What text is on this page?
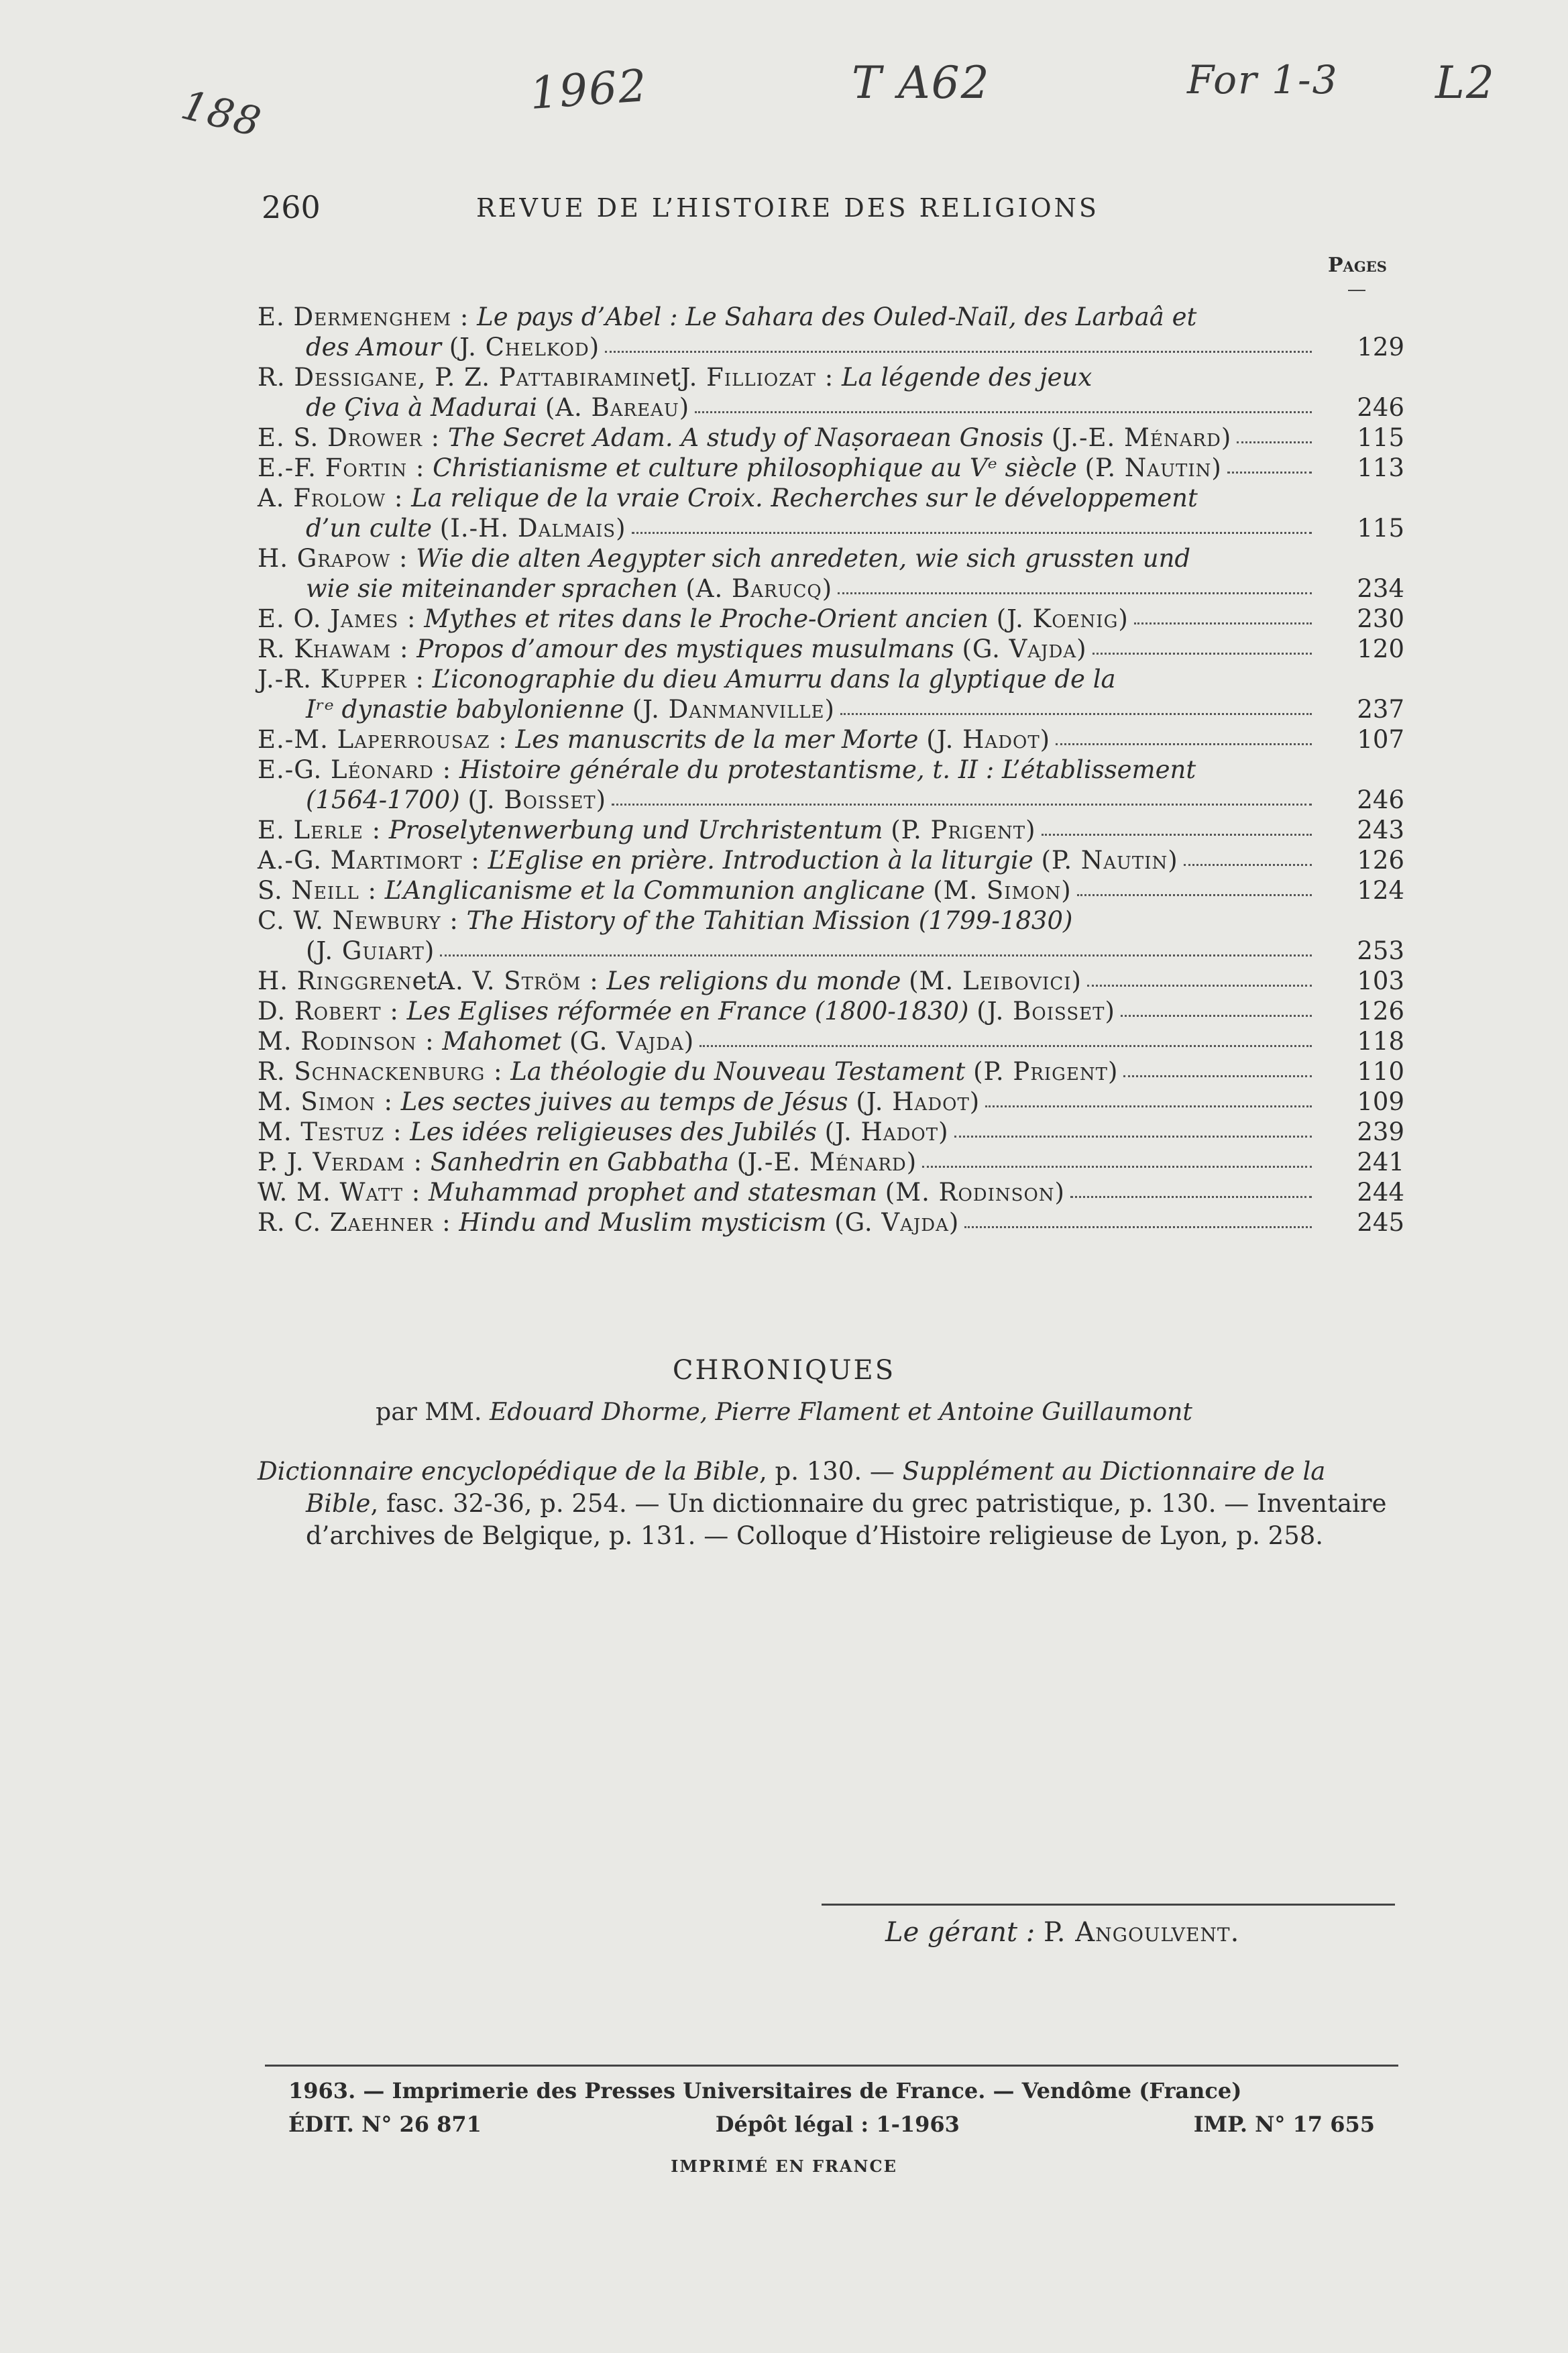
188	1962	T A62	For 1-3 L2
260	REVUE DE L’HISTOIRE DES RELIGIONS
Pages
E. Dermenghem :
Le pays d’Abel : Le Sahara des Ouled-Naïl, des Larbaâ et
des Amour
(J. Chelkod)	129
R. Dessigane, P. Z. Pattabiramin et J. Filliozat :
La légende des jeux
de Çiva à Madurai
(A. Bareau)	246
E. S. Drower :
The Secret Adam. A study of Naṣoraean Gnosis
(J.-E. Ménard)	115
E.-F. Fortin :
Christianisme et culture philosophique au Vᵉ siècle
(P. Nautin)	113
A. Frolow :
La relique de la vraie Croix. Recherches sur le développement
d’un culte
(I.-H. Dalmais)	115
H. Grapow :
Wie die alten Aegypter sich anredeten, wie sich grussten und
wie sie miteinander sprachen
(A. Barucq)	234
E. O. James :
Mythes et rites dans le Proche-Orient ancien
(J. Koenig)	230
R. Khawam :
Propos d’amour des mystiques musulmans
(G. Vajda)	120
J.-R. Kupper :
L’iconographie du dieu Amurru dans la glyptique de la
Iʳᵉ dynastie babylonienne
(J. Danmanville)	237
E.-M. Laperrousaz :
Les manuscrits de la mer Morte
(J. Hadot)	107
E.-G. Léonard :
Histoire générale du protestantisme, t. II : L’établissement
(1564-1700)
(J. Boisset)	246
E. Lerle :
Proselytenwerbung und Urchristentum
(P. Prigent)	243
A.-G. Martimort :
L’Eglise en prière. Introduction à la liturgie
(P. Nautin)	126
S. Neill :
L’Anglicanisme et la Communion anglicane
(M. Simon)	124
C. W. Newbury :
The History of the Tahitian Mission (1799-1830)
(J. Guiart)	253
H. Ringgren et A. V. Ström :
Les religions du monde
(M. Leibovici)	103
D. Robert :
Les Eglises réformée en France (1800-1830)
(J. Boisset)	126
M. Rodinson :
Mahomet
(G. Vajda)	118
R. Schnackenburg :
La théologie du Nouveau Testament
(P. Prigent)	110
M. Simon :
Les sectes juives au temps de Jésus
(J. Hadot)	109
M. Testuz :
Les idées religieuses des Jubilés
(J. Hadot)	239
P. J. Verdam :
Sanhedrin en Gabbatha
(J.-E. Ménard)	241
W. M. Watt :
Muhammad prophet and statesman
(M. Rodinson)	244
R. C. Zaehner :
Hindu and Muslim mysticism
(G. Vajda)	245
CHRONIQUES
par MM. Edouard Dhorme, Pierre Flament et Antoine Guillaumont

Dictionnaire encyclopédique de la Bible, p. 130. — Supplément au Dictionnaire de la Bible, fasc. 32-36, p. 254. — Un dictionnaire du grec patristique, p. 130. — Inventaire d’archives de Belgique, p. 131. — Colloque d’Histoire religieuse de Lyon, p. 258.

Le gérant : P. Angoulvent.
1963. — Imprimerie des Presses Universitaires de France. — Vendôme (France)
ÉDIT. N° 26 871	Dépôt légal : 1-1963	IMP. N° 17 655
IMPRIMÉ EN FRANCE
